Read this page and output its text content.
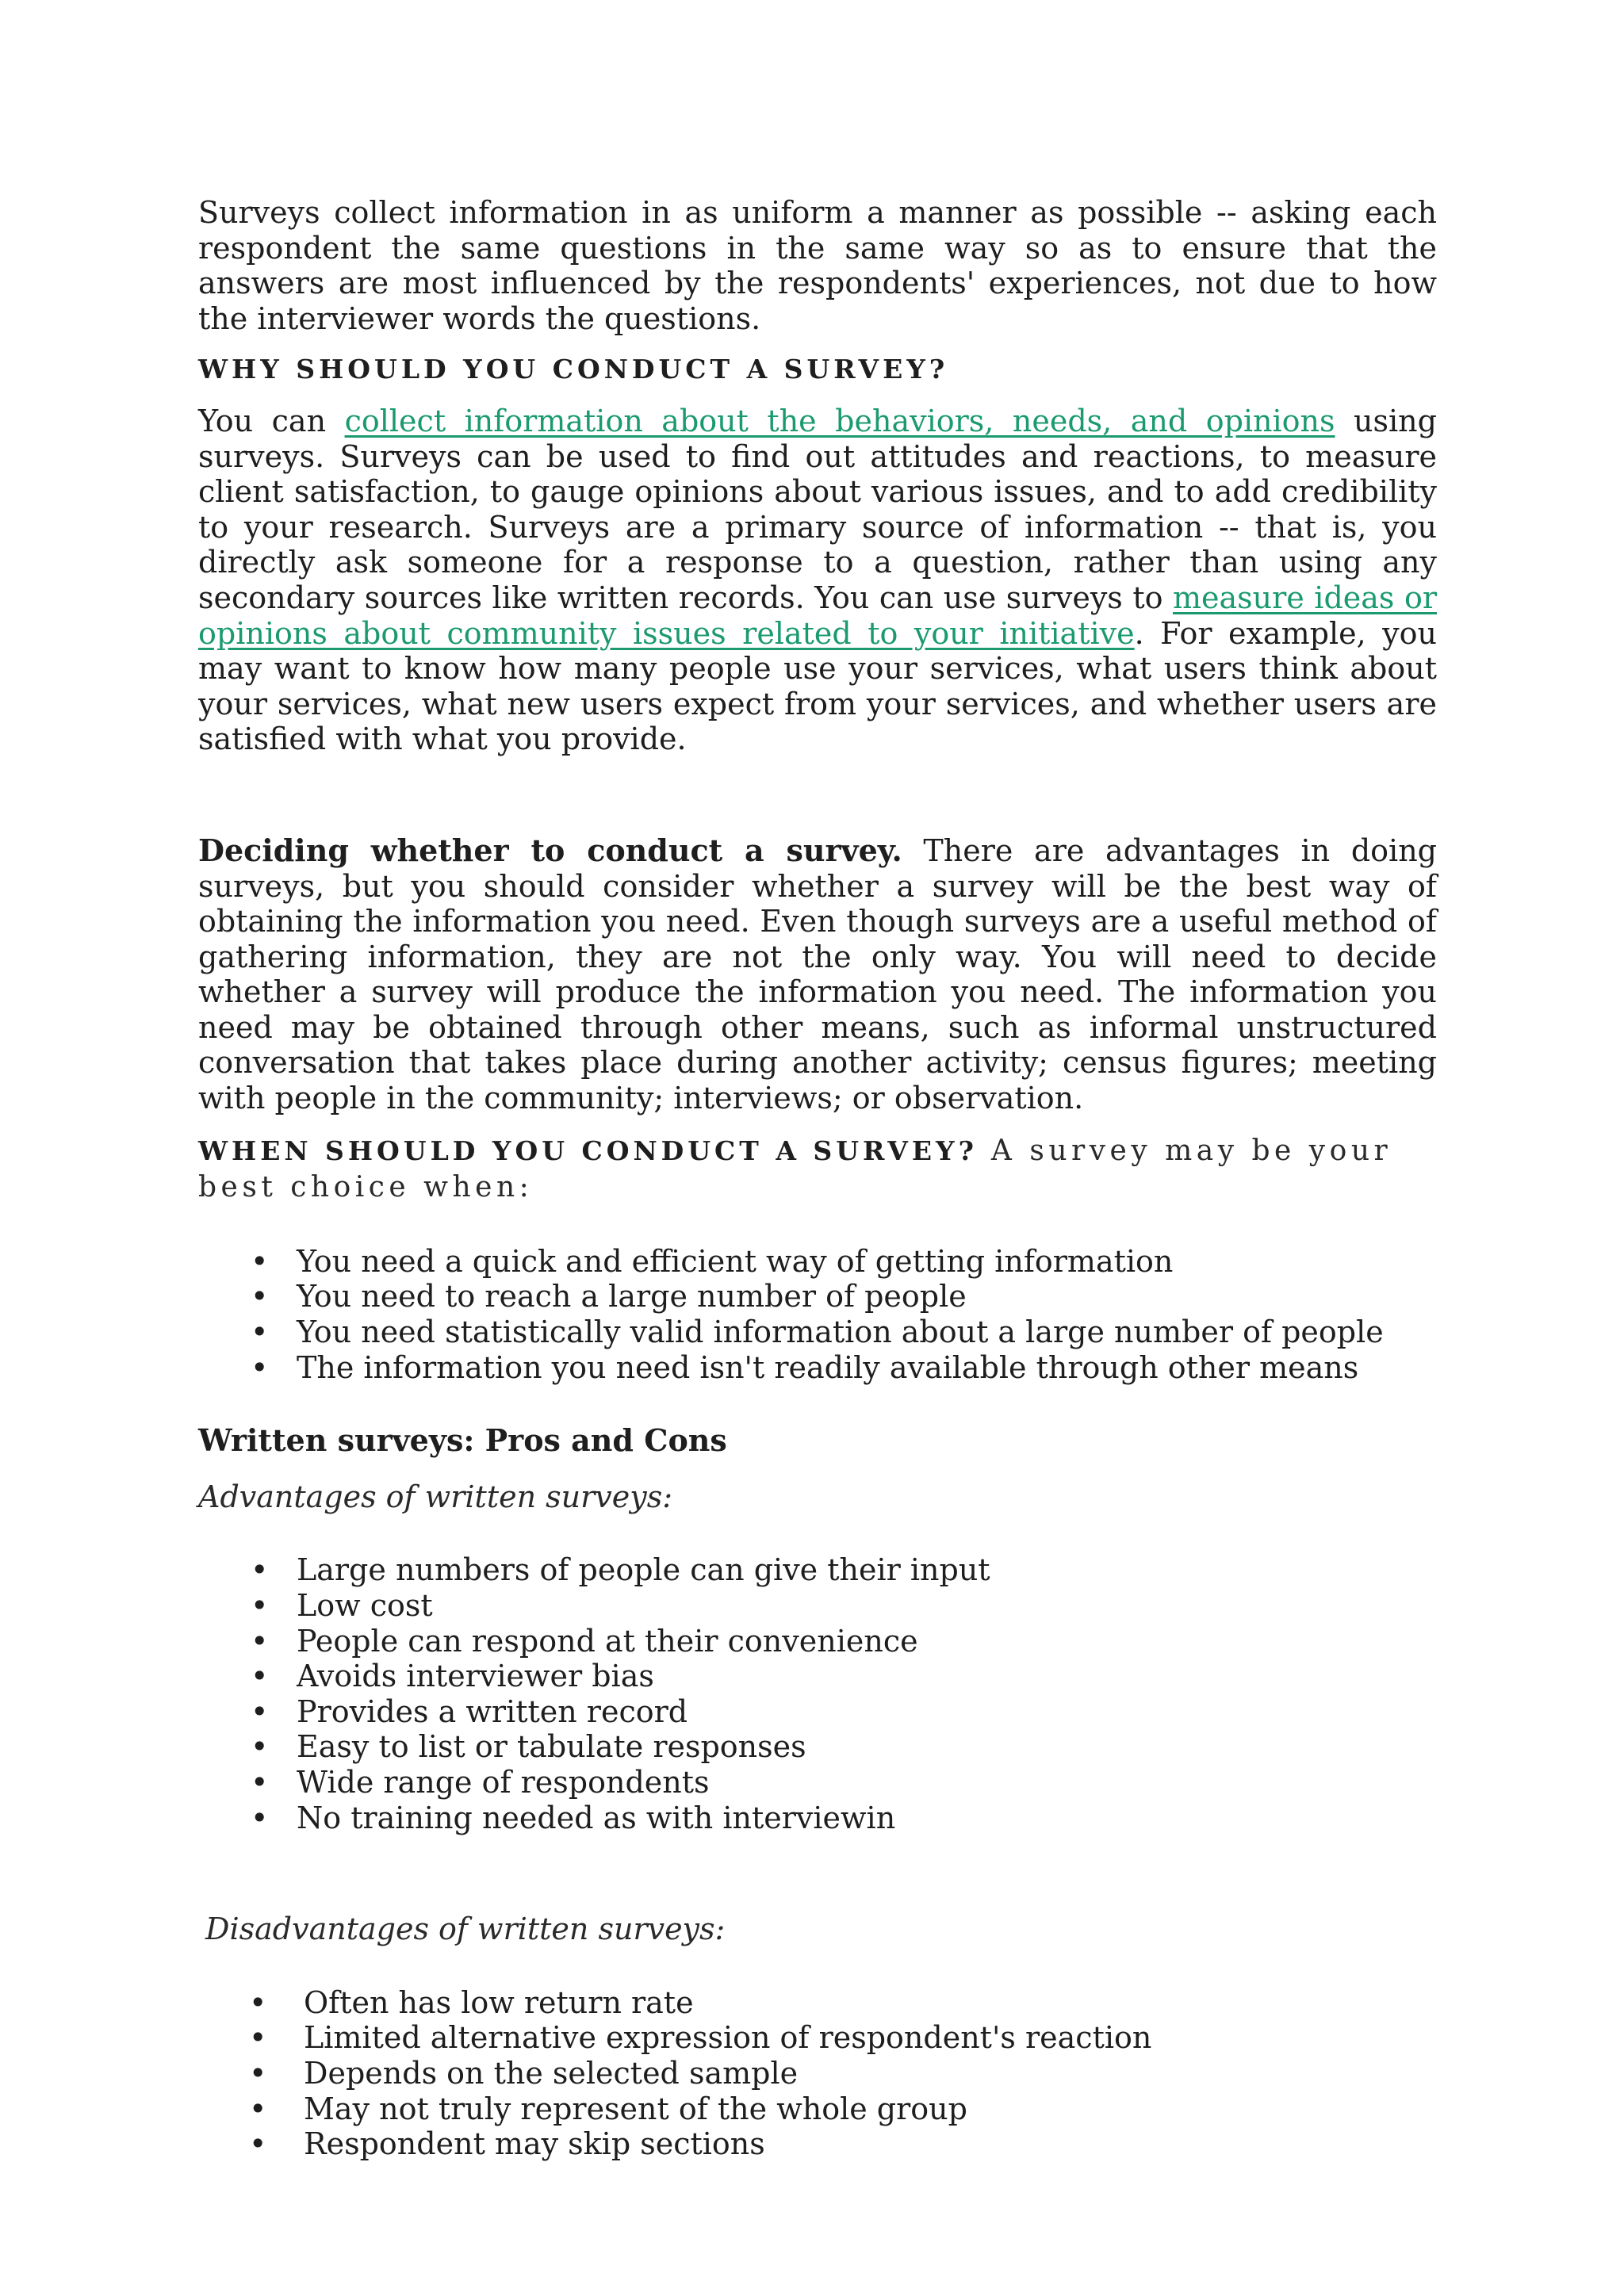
Surveys collect information in as uniform a manner as possible -- asking each respondent the same questions in the same way so as to ensure that the answers are most influenced by the respondents' experiences, not due to how the interviewer words the questions.

WHY SHOULD YOU CONDUCT A SURVEY?

You can collect information about the behaviors, needs, and opinions using surveys. Surveys can be used to find out attitudes and reactions, to measure client satisfaction, to gauge opinions about various issues, and to add credibility to your research. Surveys are a primary source of information -- that is, you directly ask someone for a response to a question, rather than using any secondary sources like written records. You can use surveys to measure ideas or opinions about community issues related to your initiative. For example, you may want to know how many people use your services, what users think about your services, what new users expect from your services, and whether users are satisfied with what you provide.

Deciding whether to conduct a survey. There are advantages in doing surveys, but you should consider whether a survey will be the best way of obtaining the information you need. Even though surveys are a useful method of gathering information, they are not the only way. You will need to decide whether a survey will produce the information you need. The information you need may be obtained through other means, such as informal unstructured conversation that takes place during another activity; census figures; meeting with people in the community; interviews; or observation.

WHEN SHOULD YOU CONDUCT A SURVEY? A survey may be your best choice when:

• You need a quick and efficient way of getting information
• You need to reach a large number of people
• You need statistically valid information about a large number of people
• The information you need isn't readily available through other means

Written surveys: Pros and Cons

Advantages of written surveys:

• Large numbers of people can give their input
• Low cost
• People can respond at their convenience
• Avoids interviewer bias
• Provides a written record
• Easy to list or tabulate responses
• Wide range of respondents
• No training needed as with interviewin

Disadvantages of written surveys:

• Often has low return rate
• Limited alternative expression of respondent's reaction
• Depends on the selected sample
• May not truly represent of the whole group
• Respondent may skip sections
